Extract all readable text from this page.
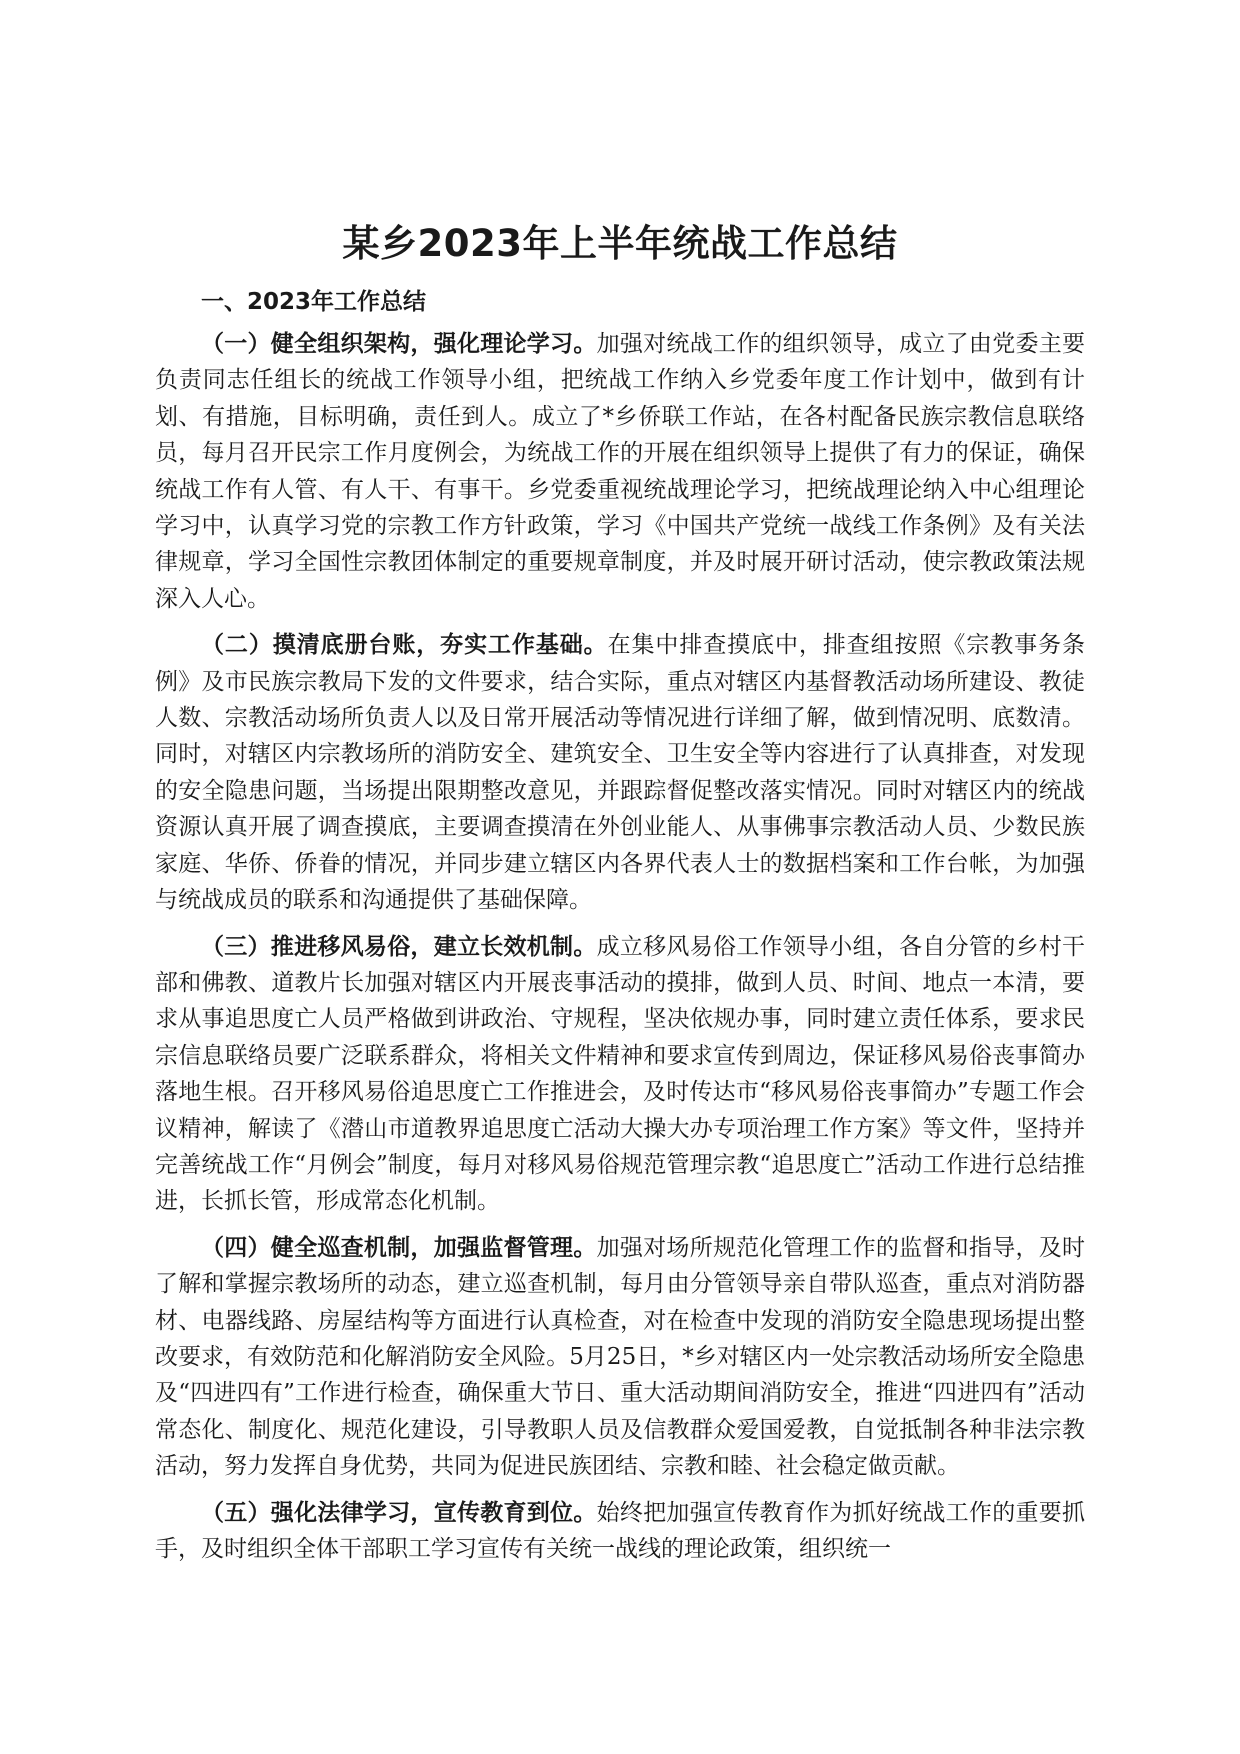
某乡2023年上半年统战工作总结
一、2023年工作总结

（一）健全组织架构，强化理论学习。加强对统战工作的组织领导，成立了由党委主要负责同志任组长的统战工作领导小组，把统战工作纳入乡党委年度工作计划中，做到有计划、有措施，目标明确，责任到人。成立了*乡侨联工作站，在各村配备民族宗教信息联络员，每月召开民宗工作月度例会，为统战工作的开展在组织领导上提供了有力的保证，确保统战工作有人管、有人干、有事干。乡党委重视统战理论学习，把统战理论纳入中心组理论学习中，认真学习党的宗教工作方针政策，学习《中国共产党统一战线工作条例》及有关法律规章，学习全国性宗教团体制定的重要规章制度，并及时展开研讨活动，使宗教政策法规深入人心。

（二）摸清底册台账，夯实工作基础。在集中排查摸底中，排查组按照《宗教事务条例》及市民族宗教局下发的文件要求，结合实际，重点对辖区内基督教活动场所建设、教徒人数、宗教活动场所负责人以及日常开展活动等情况进行详细了解，做到情况明、底数清。同时，对辖区内宗教场所的消防安全、建筑安全、卫生安全等内容进行了认真排查，对发现的安全隐患问题，当场提出限期整改意见，并跟踪督促整改落实情况。同时对辖区内的统战资源认真开展了调查摸底，主要调查摸清在外创业能人、从事佛事宗教活动人员、少数民族家庭、华侨、侨眷的情况，并同步建立辖区内各界代表人士的数据档案和工作台帐，为加强与统战成员的联系和沟通提供了基础保障。

（三）推进移风易俗，建立长效机制。成立移风易俗工作领导小组，各自分管的乡村干部和佛教、道教片长加强对辖区内开展丧事活动的摸排，做到人员、时间、地点一本清，要求从事追思度亡人员严格做到讲政治、守规程，坚决依规办事，同时建立责任体系，要求民宗信息联络员要广泛联系群众，将相关文件精神和要求宣传到周边，保证移风易俗丧事简办落地生根。召开移风易俗追思度亡工作推进会，及时传达市“移风易俗丧事简办”专题工作会议精神，解读了《潜山市道教界追思度亡活动大操大办专项治理工作方案》等文件，坚持并完善统战工作“月例会”制度，每月对移风易俗规范管理宗教“追思度亡”活动工作进行总结推进，长抓长管，形成常态化机制。

（四）健全巡查机制，加强监督管理。加强对场所规范化管理工作的监督和指导，及时了解和掌握宗教场所的动态，建立巡查机制，每月由分管领导亲自带队巡查，重点对消防器材、电器线路、房屋结构等方面进行认真检查，对在检查中发现的消防安全隐患现场提出整改要求，有效防范和化解消防安全风险。5月25日，*乡对辖区内一处宗教活动场所安全隐患及“四进四有”工作进行检查，确保重大节日、重大活动期间消防安全，推进“四进四有”活动常态化、制度化、规范化建设，引导教职人员及信教群众爱国爱教，自觉抵制各种非法宗教活动，努力发挥自身优势，共同为促进民族团结、宗教和睦、社会稳定做贡献。

（五）强化法律学习，宣传教育到位。始终把加强宣传教育作为抓好统战工作的重要抓手，及时组织全体干部职工学习宣传有关统一战线的理论政策，组织统一
